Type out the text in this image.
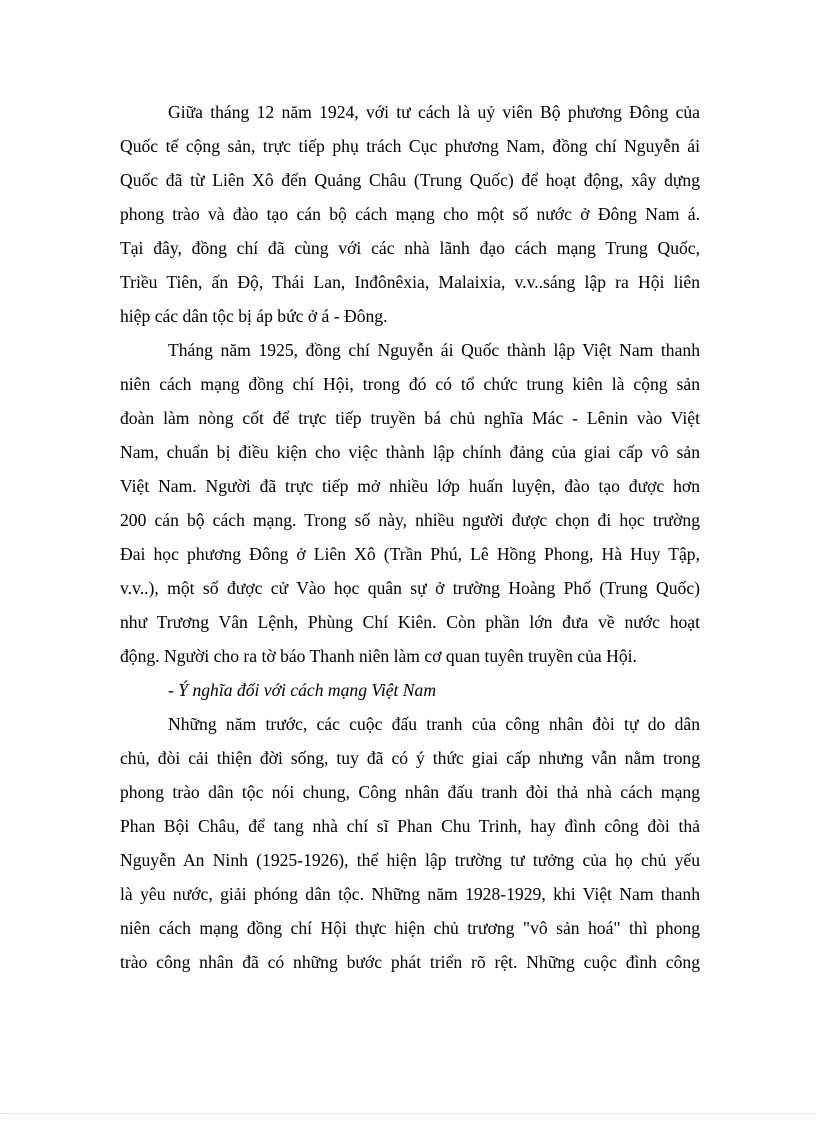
Giữa tháng 12 năm 1924, với tư cách là uỷ viên Bộ phương Đông của
Quốc tế cộng sản, trực tiếp phụ trách Cục phương Nam, đồng chí Nguyễn ái
Quốc đã từ Liên Xô đến Quảng Châu (Trung Quốc) để hoạt động, xây dựng
phong trào và đào tạo cán bộ cách mạng cho một số nước ở Đông Nam á.
Tại đây, đồng chí đã cùng với các nhà lãnh đạo cách mạng Trung Quốc,
Triều Tiên, ấn Độ, Thái Lan, Inđônêxia, Malaixia, v.v..sáng lập ra Hội liên
hiệp các dân tộc bị áp bức ở á - Đông.
Tháng năm 1925, đồng chí Nguyễn ái Quốc thành lập Việt Nam thanh
niên cách mạng đồng chí Hội, trong đó có tổ chức trung kiên là cộng sản
đoàn làm nòng cốt để trực tiếp truyền bá chủ nghĩa Mác - Lênin vào Việt
Nam, chuẩn bị điều kiện cho việc thành lập chính đảng của giai cấp vô sản
Việt Nam. Người đã trực tiếp mở nhiều lớp huấn luyện, đào tạo được hơn
200 cán bộ cách mạng. Trong số này, nhiều người được chọn đi học trường
Đai học phương Đông ở Liên Xô (Trần Phú, Lê Hồng Phong, Hà Huy Tập,
v.v..), một số được cử Vào học quân sự ở trường Hoàng Phố (Trung Quốc)
như Trương Vân Lệnh, Phùng Chí Kiên. Còn phần lớn đưa về nước hoạt
động. Người cho ra tờ báo Thanh niên làm cơ quan tuyên truyền của Hội.
- Ý nghĩa đối với cách mạng Việt Nam
Những năm trước, các cuộc đấu tranh của công nhân đòi tự do dân
chủ, đòi cải thiện đời sống, tuy đã có ý thức giai cấp nhưng vẫn nằm trong
phong trào dân tộc nói chung, Công nhân đấu tranh đòi thả nhà cách mạng
Phan Bội Châu, để tang nhà chí sĩ Phan Chu Trinh, hay đình công đòi thả
Nguyễn An Ninh (1925-1926), thể hiện lập trường tư tưởng của họ chủ yếu
là yêu nước, giải phóng dân tộc. Những năm 1928-1929, khi Việt Nam thanh
niên cách mạng đồng chí Hội thực hiện chủ trương "vô sản hoá" thì phong
trào công nhân đã có những bước phát triển rõ rệt. Những cuộc đình công
